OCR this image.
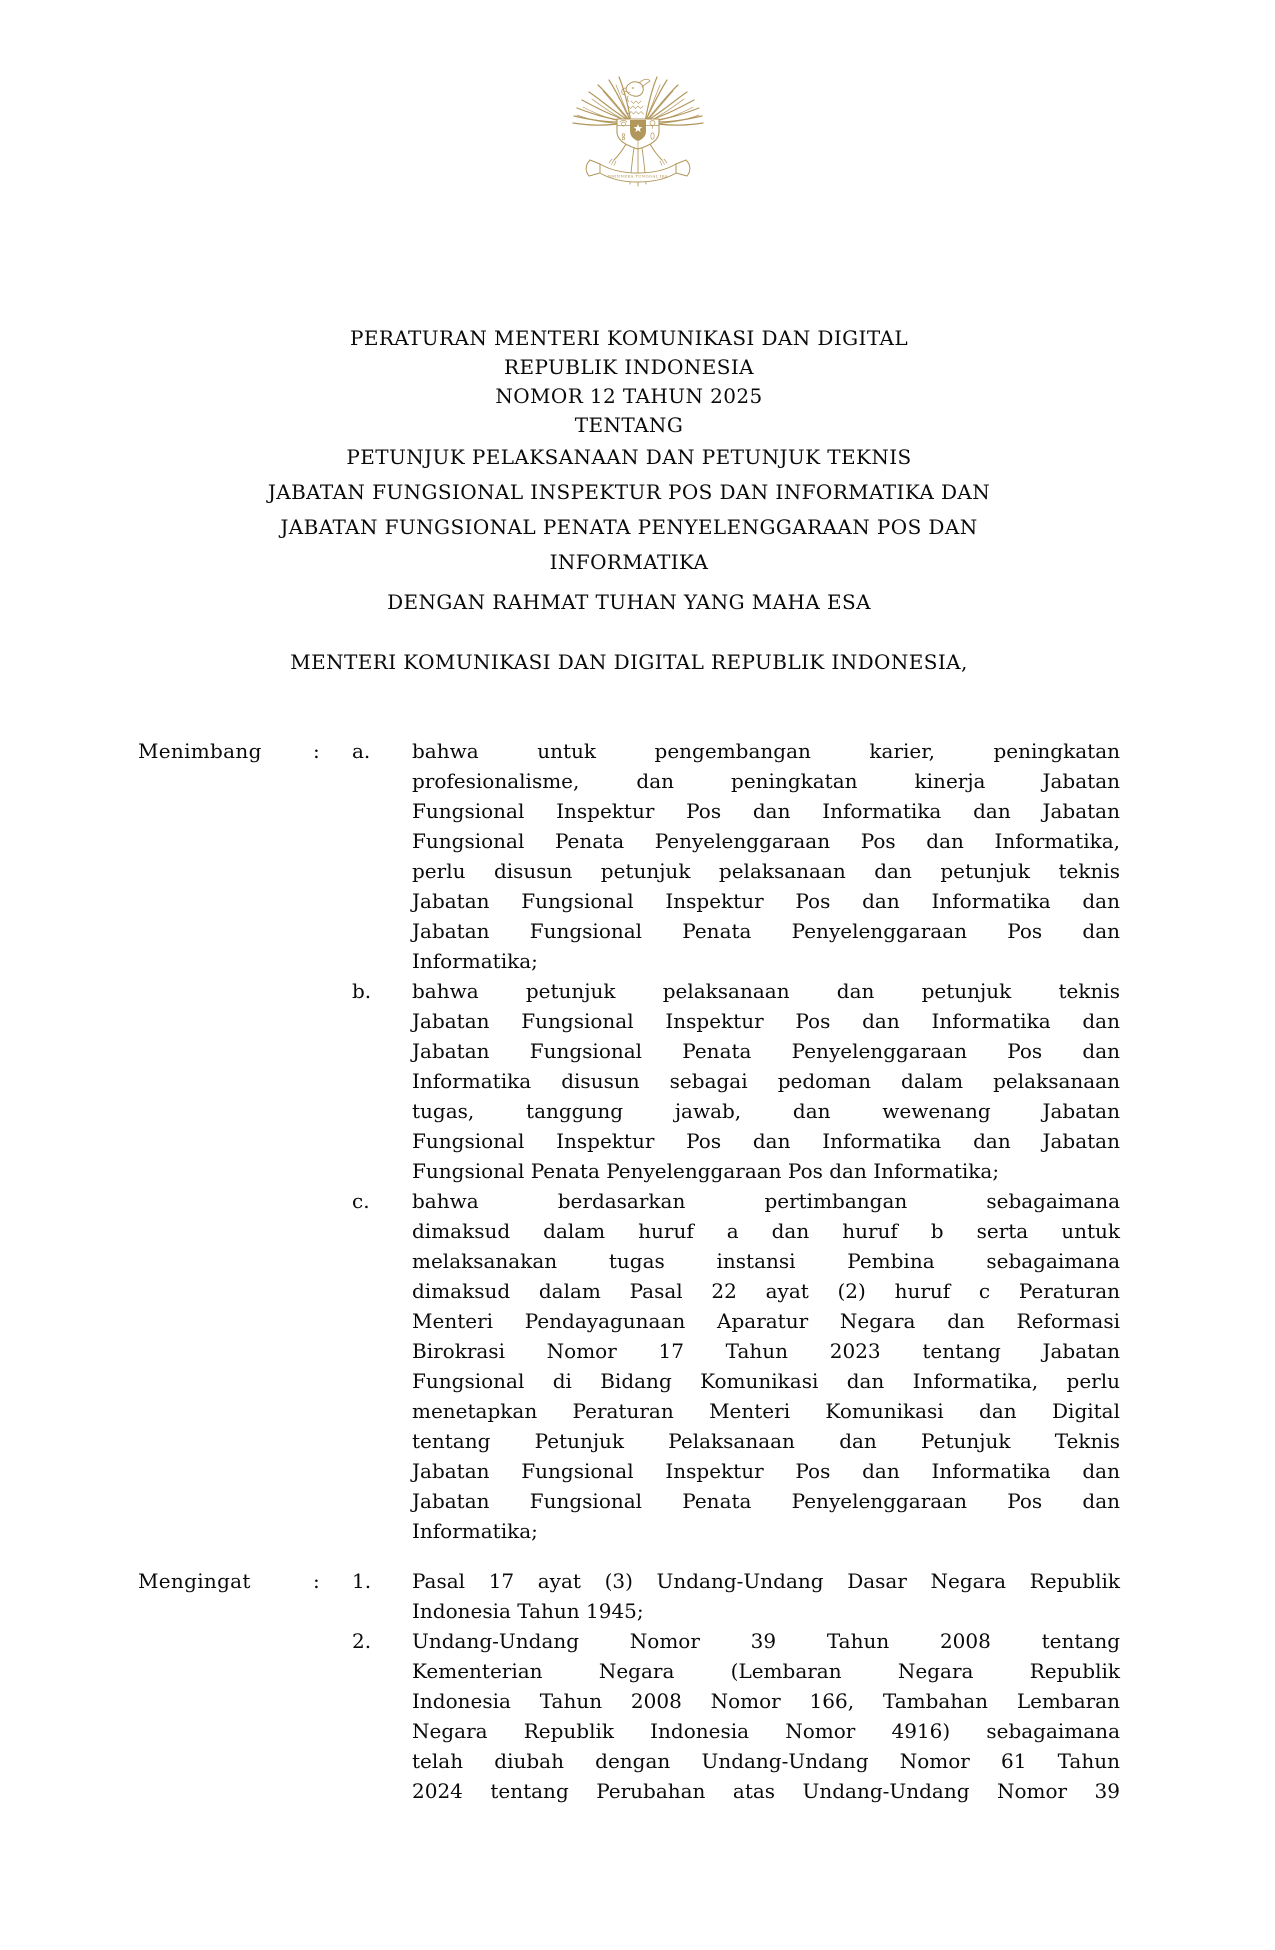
BHINNEKA TUNGGAL IKA
PERATURAN MENTERI KOMUNIKASI DAN DIGITAL
REPUBLIK INDONESIA
NOMOR 12 TAHUN 2025
TENTANG
PETUNJUK PELAKSANAAN DAN PETUNJUK TEKNIS
JABATAN FUNGSIONAL INSPEKTUR POS DAN INFORMATIKA DAN
JABATAN FUNGSIONAL PENATA PENYELENGGARAAN POS DAN
INFORMATIKA
DENGAN RAHMAT TUHAN YANG MAHA ESA
MENTERI KOMUNIKASI DAN DIGITAL REPUBLIK INDONESIA,
Menimbang	:	a.	bahwa untuk pengembangan karier, peningkatan
profesionalisme, dan peningkatan kinerja Jabatan
Fungsional Inspektur Pos dan Informatika dan Jabatan
Fungsional Penata Penyelenggaraan Pos dan Informatika,
perlu disusun petunjuk pelaksanaan dan petunjuk teknis
Jabatan Fungsional Inspektur Pos dan Informatika dan
Jabatan Fungsional Penata Penyelenggaraan Pos dan
Informatika;
b.	bahwa petunjuk pelaksanaan dan petunjuk teknis
Jabatan Fungsional Inspektur Pos dan Informatika dan
Jabatan Fungsional Penata Penyelenggaraan Pos dan
Informatika disusun sebagai pedoman dalam pelaksanaan
tugas, tanggung jawab, dan wewenang Jabatan
Fungsional Inspektur Pos dan Informatika dan Jabatan
Fungsional Penata Penyelenggaraan Pos dan Informatika;
c.	bahwa berdasarkan pertimbangan sebagaimana
dimaksud dalam huruf a dan huruf b serta untuk
melaksanakan tugas instansi Pembina sebagaimana
dimaksud dalam Pasal 22 ayat (2) huruf c Peraturan
Menteri Pendayagunaan Aparatur Negara dan Reformasi
Birokrasi Nomor 17 Tahun 2023 tentang Jabatan
Fungsional di Bidang Komunikasi dan Informatika, perlu
menetapkan Peraturan Menteri Komunikasi dan Digital
tentang Petunjuk Pelaksanaan dan Petunjuk Teknis
Jabatan Fungsional Inspektur Pos dan Informatika dan
Jabatan Fungsional Penata Penyelenggaraan Pos dan
Informatika;
Mengingat	:	1.	Pasal 17 ayat (3) Undang-Undang Dasar Negara Republik
Indonesia Tahun 1945;
2.	Undang-Undang Nomor 39 Tahun 2008 tentang
Kementerian Negara (Lembaran Negara Republik
Indonesia Tahun 2008 Nomor 166, Tambahan Lembaran
Negara Republik Indonesia Nomor 4916) sebagaimana
telah diubah dengan Undang-Undang Nomor 61 Tahun
2024 tentang Perubahan atas Undang-Undang Nomor 39
